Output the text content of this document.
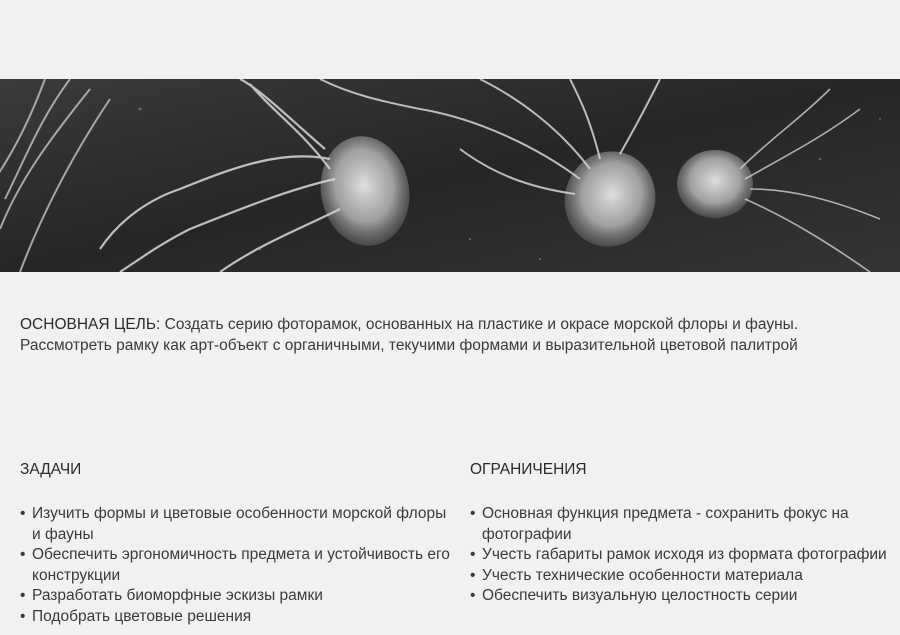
ОСНОВНАЯ ЦЕЛЬ: Создать серию фоторамок, основанных на пластике и окрасе морской флоры и фауны.
Рассмотреть рамку как арт-объект с органичными, текучими формами и выразительной цветовой палитрой
ЗАДАЧИ
• Изучить формы и цветовые особенности морской флоры и фауны
• Обеспечить эргономичность предмета и устойчивость его конструкции
• Разработать биоморфные эскизы рамки
• Подобрать цветовые решения
ОГРАНИЧЕНИЯ
• Основная функция предмета - сохранить фокус на фотографии
• Учесть габариты рамок исходя из формата фотографии
• Учесть технические особенности материала
• Обеспечить визуальную целостность серии
